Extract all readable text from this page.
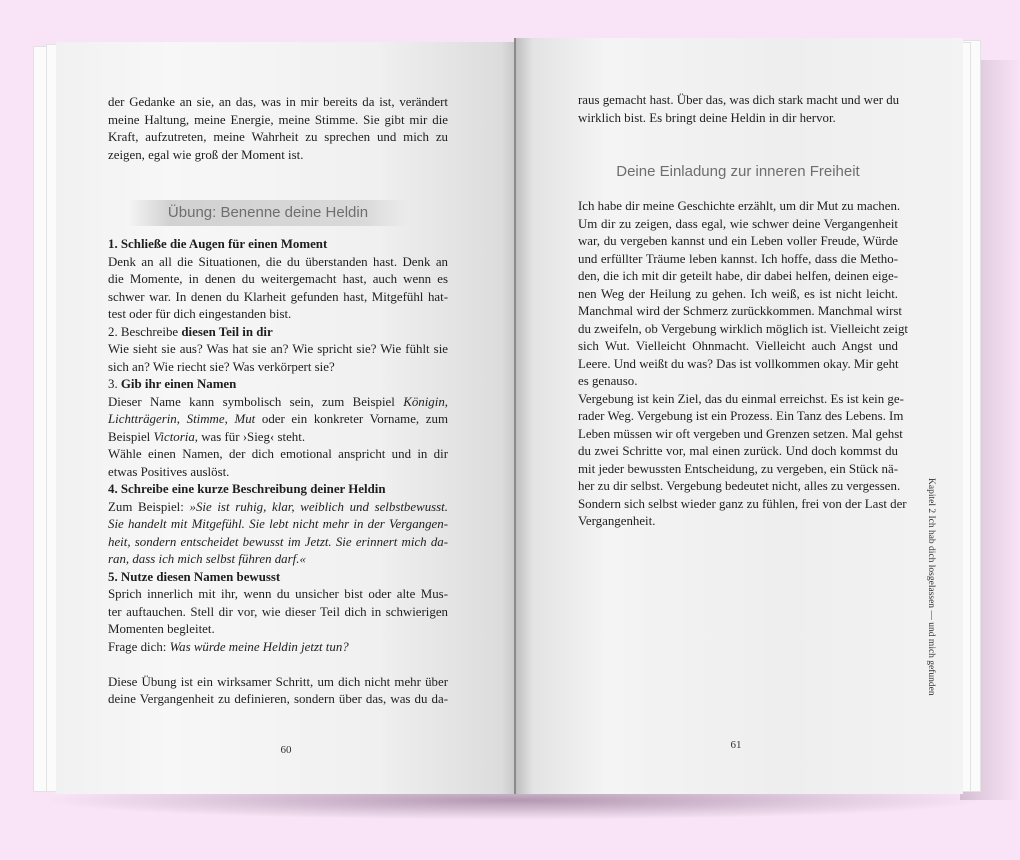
der Gedanke an sie, an das, was in mir bereits da ist, verändert
meine Haltung, meine Energie, meine Stimme. Sie gibt mir die
Kraft, aufzutreten, meine Wahrheit zu sprechen und mich zu
zeigen, egal wie groß der Moment ist.
Übung: Benenne deine Heldin
1. Schließe die Augen für einen Moment
Denk an all die Situationen, die du überstanden hast. Denk an
die Momente, in denen du weitergemacht hast, auch wenn es
schwer war. In denen du Klarheit gefunden hast, Mitgefühl hat-
test oder für dich eingestanden bist.
2. Beschreibe diesen Teil in dir
Wie sieht sie aus? Was hat sie an? Wie spricht sie? Wie fühlt sie
sich an? Wie riecht sie? Was verkörpert sie?
3. Gib ihr einen Namen
Dieser Name kann symbolisch sein, zum Beispiel Königin,
Lichtträgerin, Stimme, Mut oder ein konkreter Vorname, zum
Beispiel Victoria, was für ›Sieg‹ steht.
Wähle einen Namen, der dich emotional anspricht und in dir
etwas Positives auslöst.
4. Schreibe eine kurze Beschreibung deiner Heldin
Zum Beispiel: »Sie ist ruhig, klar, weiblich und selbstbewusst.
Sie handelt mit Mitgefühl. Sie lebt nicht mehr in der Vergangen-
heit, sondern entscheidet bewusst im Jetzt. Sie erinnert mich da-
ran, dass ich mich selbst führen darf.«
5. Nutze diesen Namen bewusst
Sprich innerlich mit ihr, wenn du unsicher bist oder alte Mus-
ter auftauchen. Stell dir vor, wie dieser Teil dich in schwierigen
Momenten begleitet.
Frage dich: Was würde meine Heldin jetzt tun?
Diese Übung ist ein wirksamer Schritt, um dich nicht mehr über
deine Vergangenheit zu definieren, sondern über das, was du da-
60
raus gemacht hast. Über das, was dich stark macht und wer du
wirklich bist. Es bringt deine Heldin in dir hervor.
Deine Einladung zur inneren Freiheit
Ich habe dir meine Geschichte erzählt, um dir Mut zu machen.
Um dir zu zeigen, dass egal, wie schwer deine Vergangenheit
war, du vergeben kannst und ein Leben voller Freude, Würde
und erfüllter Träume leben kannst. Ich hoffe, dass die Metho-
den, die ich mit dir geteilt habe, dir dabei helfen, deinen eige-
nen Weg der Heilung zu gehen. Ich weiß, es ist nicht leicht.
Manchmal wird der Schmerz zurückkommen. Manchmal wirst
du zweifeln, ob Vergebung wirklich möglich ist. Vielleicht zeigt
sich Wut. Vielleicht Ohnmacht. Vielleicht auch Angst und
Leere. Und weißt du was? Das ist vollkommen okay. Mir geht
es genauso.
Vergebung ist kein Ziel, das du einmal erreichst. Es ist kein ge-
rader Weg. Vergebung ist ein Prozess. Ein Tanz des Lebens. Im
Leben müssen wir oft vergeben und Grenzen setzen. Mal gehst
du zwei Schritte vor, mal einen zurück. Und doch kommst du
mit jeder bewussten Entscheidung, zu vergeben, ein Stück nä-
her zu dir selbst. Vergebung bedeutet nicht, alles zu vergessen.
Sondern sich selbst wieder ganz zu fühlen, frei von der Last der
Vergangenheit.
61
Kapitel 2 Ich hab dich losgelassen — und mich gefunden
